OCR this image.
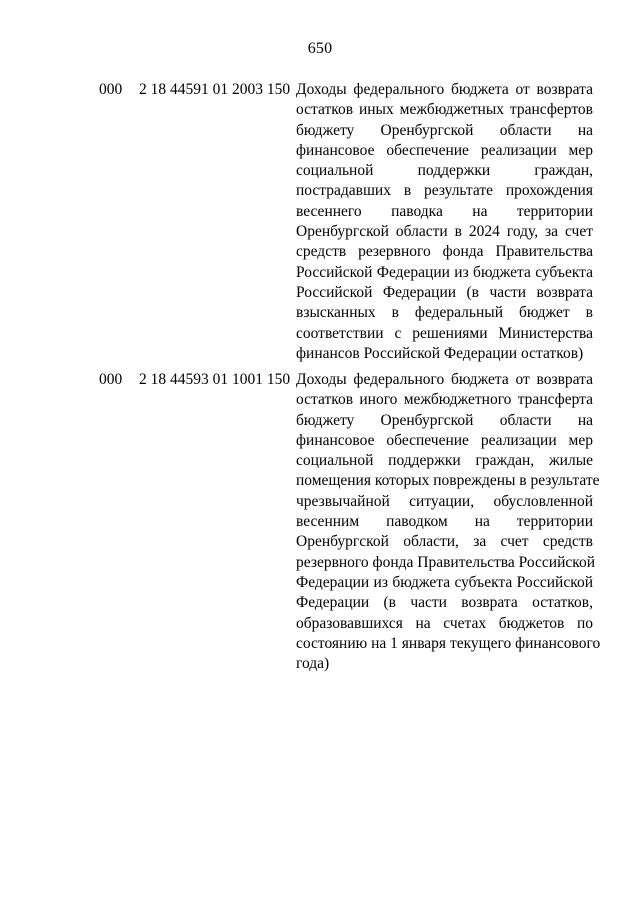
650
000 2 18 44591 01 2003 150 Доходы федерального бюджета от возврата
остатков иных межбюджетных трансфертов
бюджету Оренбургской области на
финансовое обеспечение реализации мер
социальной поддержки граждан,
пострадавших в результате прохождения
весеннего паводка на территории
Оренбургской области в 2024 году, за счет
средств резервного фонда Правительства
Российской Федерации из бюджета субъекта
Российской Федерации (в части возврата
взысканных в федеральный бюджет в
соответствии с решениями Министерства
финансов Российской Федерации остатков)
000 2 18 44593 01 1001 150 Доходы федерального бюджета от возврата
остатков иного межбюджетного трансферта
бюджету Оренбургской области на
финансовое обеспечение реализации мер
социальной поддержки граждан, жилые
помещения которых повреждены в результате
чрезвычайной ситуации, обусловленной
весенним паводком на территории
Оренбургской области, за счет средств
резервного фонда Правительства Российской
Федерации из бюджета субъекта Российской
Федерации (в части возврата остатков,
образовавшихся на счетах бюджетов по
состоянию на 1 января текущего финансового
года)
